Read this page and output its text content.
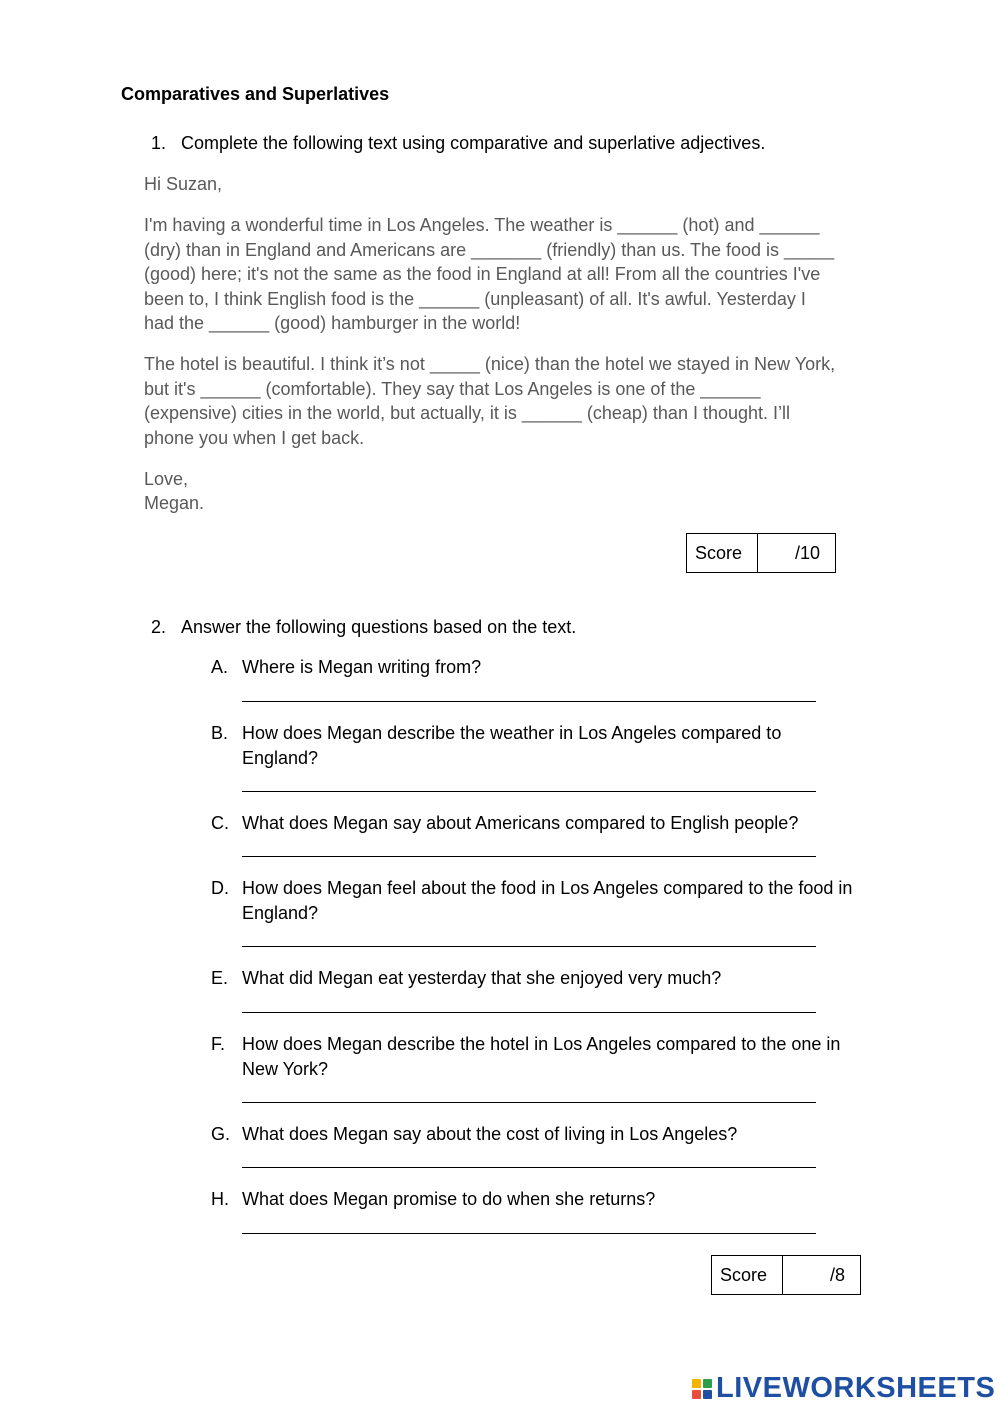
Comparatives and Superlatives
1. Complete the following text using comparative and superlative adjectives.

Hi Suzan,

I'm having a wonderful time in Los Angeles. The weather is ______ (hot) and ______
(dry) than in England and Americans are _______ (friendly) than us. The food is _____
(good) here; it's not the same as the food in England at all! From all the countries I've
been to, I think English food is the ______ (unpleasant) of all. It's awful. Yesterday I
had the ______ (good) hamburger in the world!

The hotel is beautiful. I think it’s not _____ (nice) than the hotel we stayed in New York,
but it's ______ (comfortable). They say that Los Angeles is one of the ______
(expensive) cities in the world, but actually, it is ______ (cheap) than I thought. I’ll
phone you when I get back.

Love,
Megan.

Score	/10
2. Answer the following questions based on the text.
A. Where is Megan writing from?
B. How does Megan describe the weather in Los Angeles compared to England?
C. What does Megan say about Americans compared to English people?
D. How does Megan feel about the food in Los Angeles compared to the food in England?
E. What did Megan eat yesterday that she enjoyed very much?
F. How does Megan describe the hotel in Los Angeles compared to the one in New York?
G. What does Megan say about the cost of living in Los Angeles?
H. What does Megan promise to do when she returns?
Score	/8
LIVEWORKSHEETS
